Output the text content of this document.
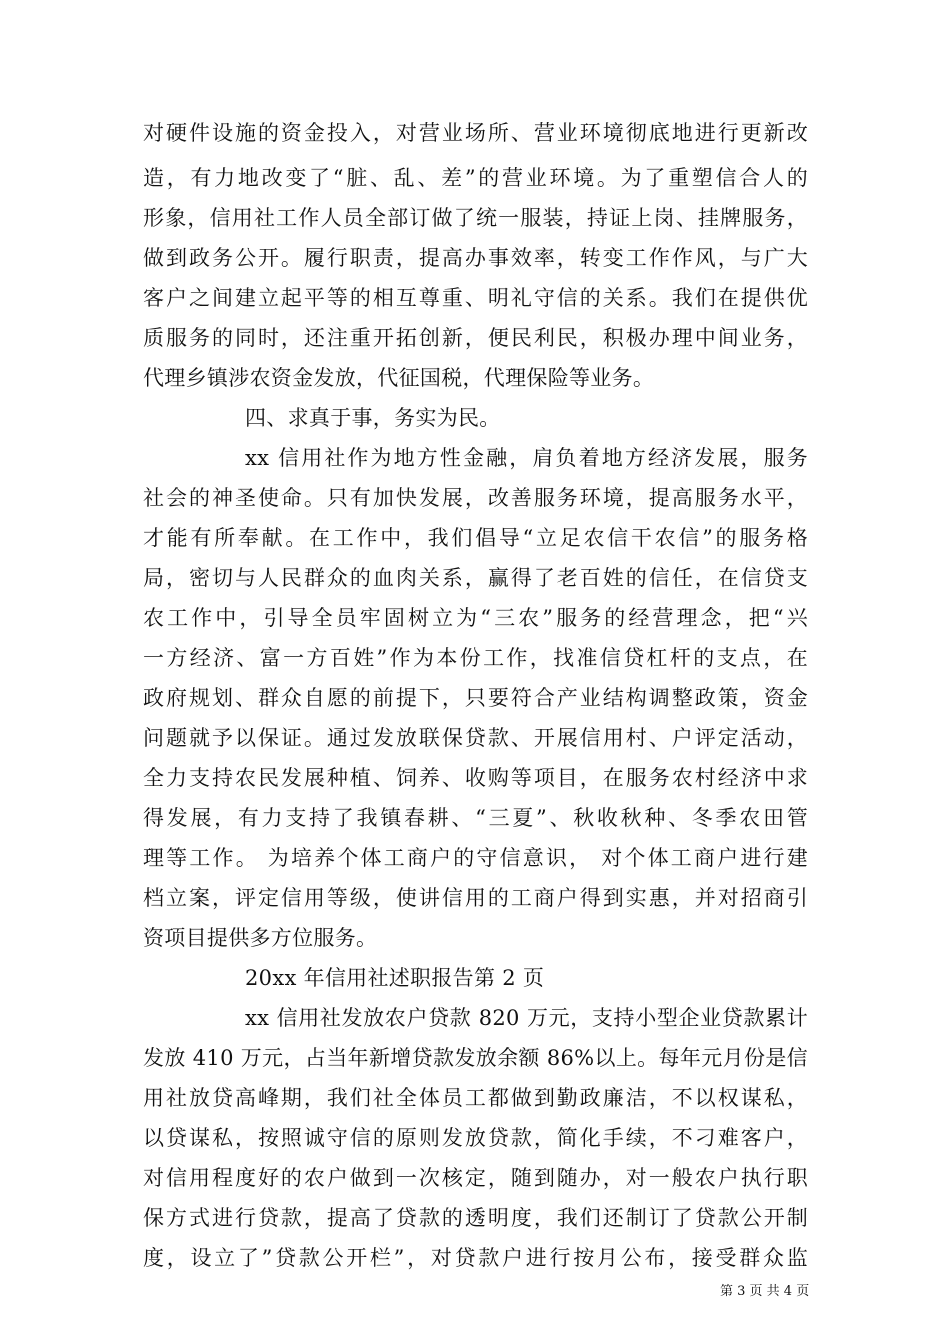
对硬件设施的资金投入，对营业场所、营业环境彻底地进行更新改
造，有力地改变了“脏、乱、差”的营业环境。为了重塑信合人的
形象，信用社工作人员全部订做了统一服装，持证上岗、挂牌服务，
做到政务公开。履行职责，提高办事效率，转变工作作风，与广大
客户之间建立起平等的相互尊重、明礼守信的关系。我们在提供优
质服务的同时，还注重开拓创新，便民利民，积极办理中间业务，
代理乡镇涉农资金发放，代征国税，代理保险等业务。
四、求真于事，务实为民。
xx 信用社作为地方性金融，肩负着地方经济发展，服务
社会的神圣使命。只有加快发展，改善服务环境，提高服务水平，
才能有所奉献。在工作中，我们倡导“立足农信干农信”的服务格
局，密切与人民群众的血肉关系，赢得了老百姓的信任，在信贷支
农工作中，引导全员牢固树立为“三农”服务的经营理念，把“兴
一方经济、富一方百姓”作为本份工作，找准信贷杠杆的支点，在
政府规划、群众自愿的前提下，只要符合产业结构调整政策，资金
问题就予以保证。通过发放联保贷款、开展信用村、户评定活动，
全力支持农民发展种植、饲养、收购等项目，在服务农村经济中求
得发展，有力支持了我镇春耕、“三夏”、秋收秋种、冬季农田管
理等工作。 为培养个体工商户的守信意识， 对个体工商户进行建
档立案，评定信用等级，使讲信用的工商户得到实惠，并对招商引
资项目提供多方位服务。
20xx 年信用社述职报告第 2 页
xx 信用社发放农户贷款 820 万元，支持小型企业贷款累计
发放 410 万元，占当年新增贷款发放余额 86%以上。每年元月份是信
用社放贷高峰期，我们社全体员工都做到勤政廉洁，不以权谋私，
以贷谋私，按照诚守信的原则发放贷款，简化手续，不刁难客户，
对信用程度好的农户做到一次核定，随到随办，对一般农户执行职
保方式进行贷款，提高了贷款的透明度，我们还制订了贷款公开制
度，设立了”贷款公开栏”，对贷款户进行按月公布，接受群众监
第 3 页 共 4 页
